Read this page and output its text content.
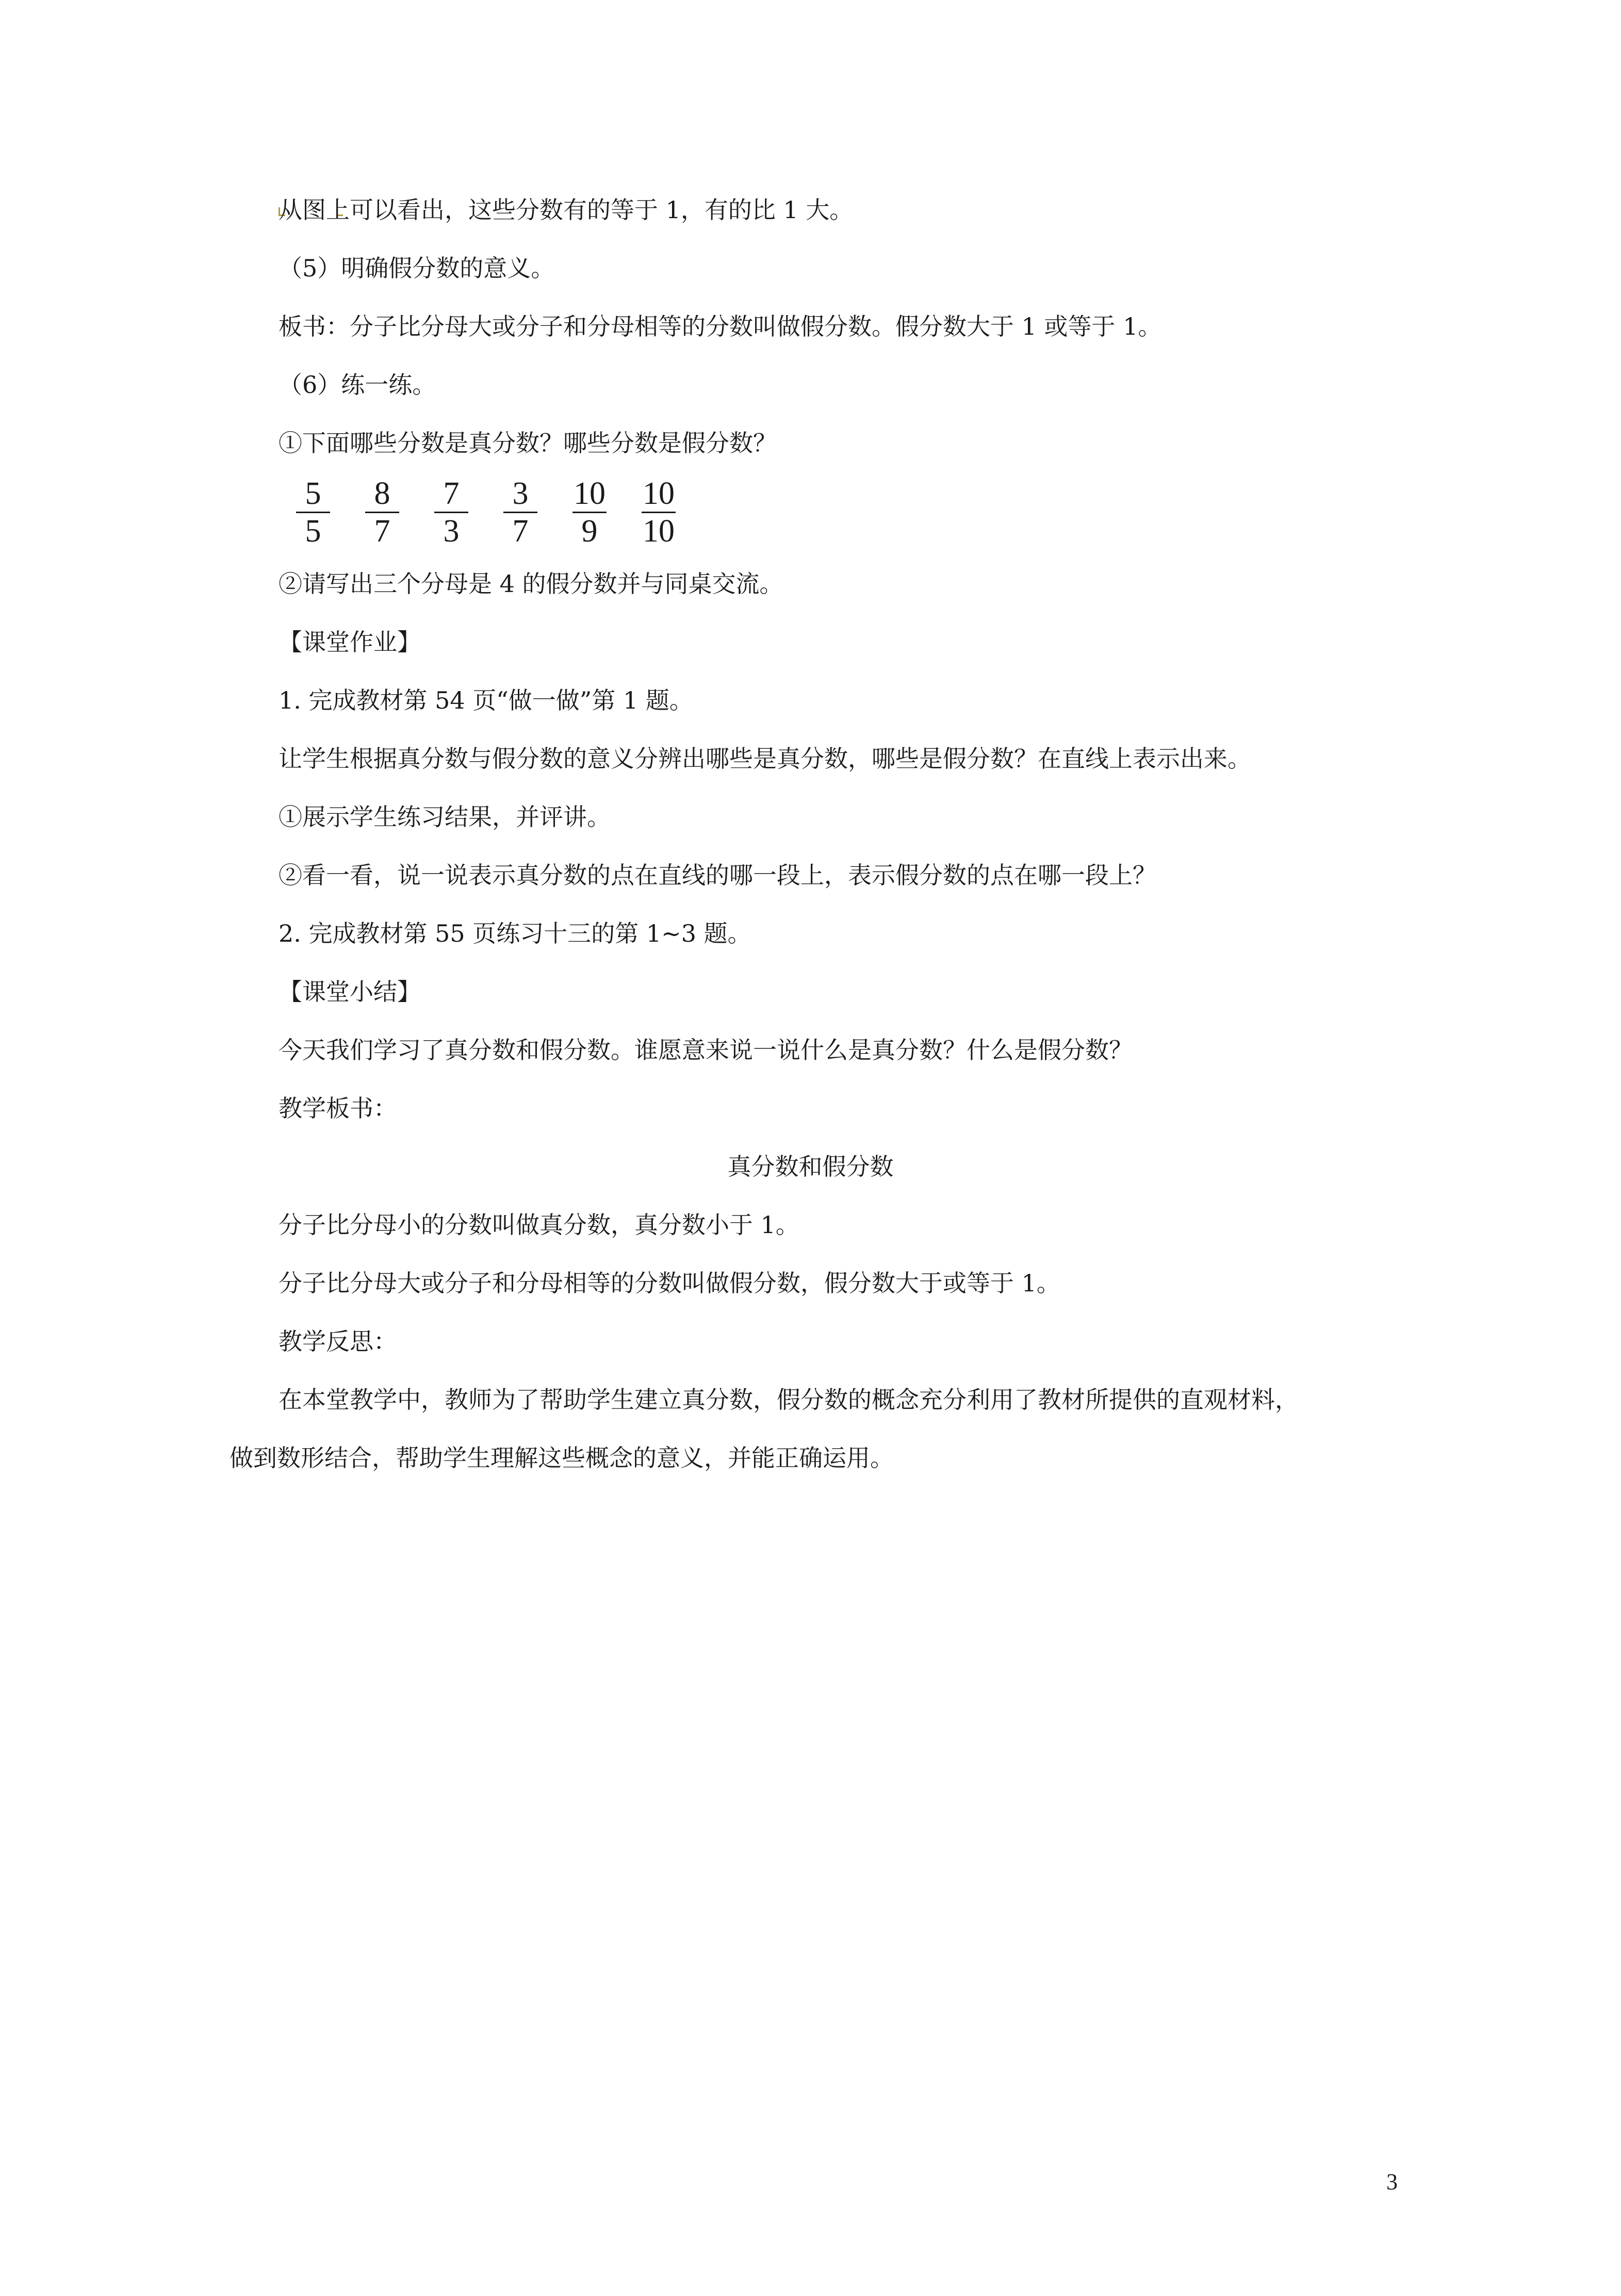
从图上可以看出，这些分数有的等于 1，有的比 1 大。
（5）明确假分数的意义。
板书：分子比分母大或分子和分母相等的分数叫做假分数。假分数大于 1 或等于 1。
（6）练一练。
①下面哪些分数是真分数？哪些分数是假分数？
$\frac{5}{5} \frac{8}{7} \frac{7}{3} \frac{3}{7} \frac{10}{9} \frac{10}{10}$
②请写出三个分母是 4 的假分数并与同桌交流。
【课堂作业】
1. 完成教材第 54 页“做一做”第 1 题。
让学生根据真分数与假分数的意义分辨出哪些是真分数，哪些是假分数？在直线上表示出来。
①展示学生练习结果，并评讲。
②看一看，说一说表示真分数的点在直线的哪一段上，表示假分数的点在哪一段上？
2. 完成教材第 55 页练习十三的第 1~3 题。
【课堂小结】
今天我们学习了真分数和假分数。谁愿意来说一说什么是真分数？什么是假分数？
教学板书：
真分数和假分数
分子比分母小的分数叫做真分数，真分数小于 1。
分子比分母大或分子和分母相等的分数叫做假分数，假分数大于或等于 1。
教学反思：
在本堂教学中，教师为了帮助学生建立真分数，假分数的概念充分利用了教材所提供的直观材料，
做到数形结合，帮助学生理解这些概念的意义，并能正确运用。
3
